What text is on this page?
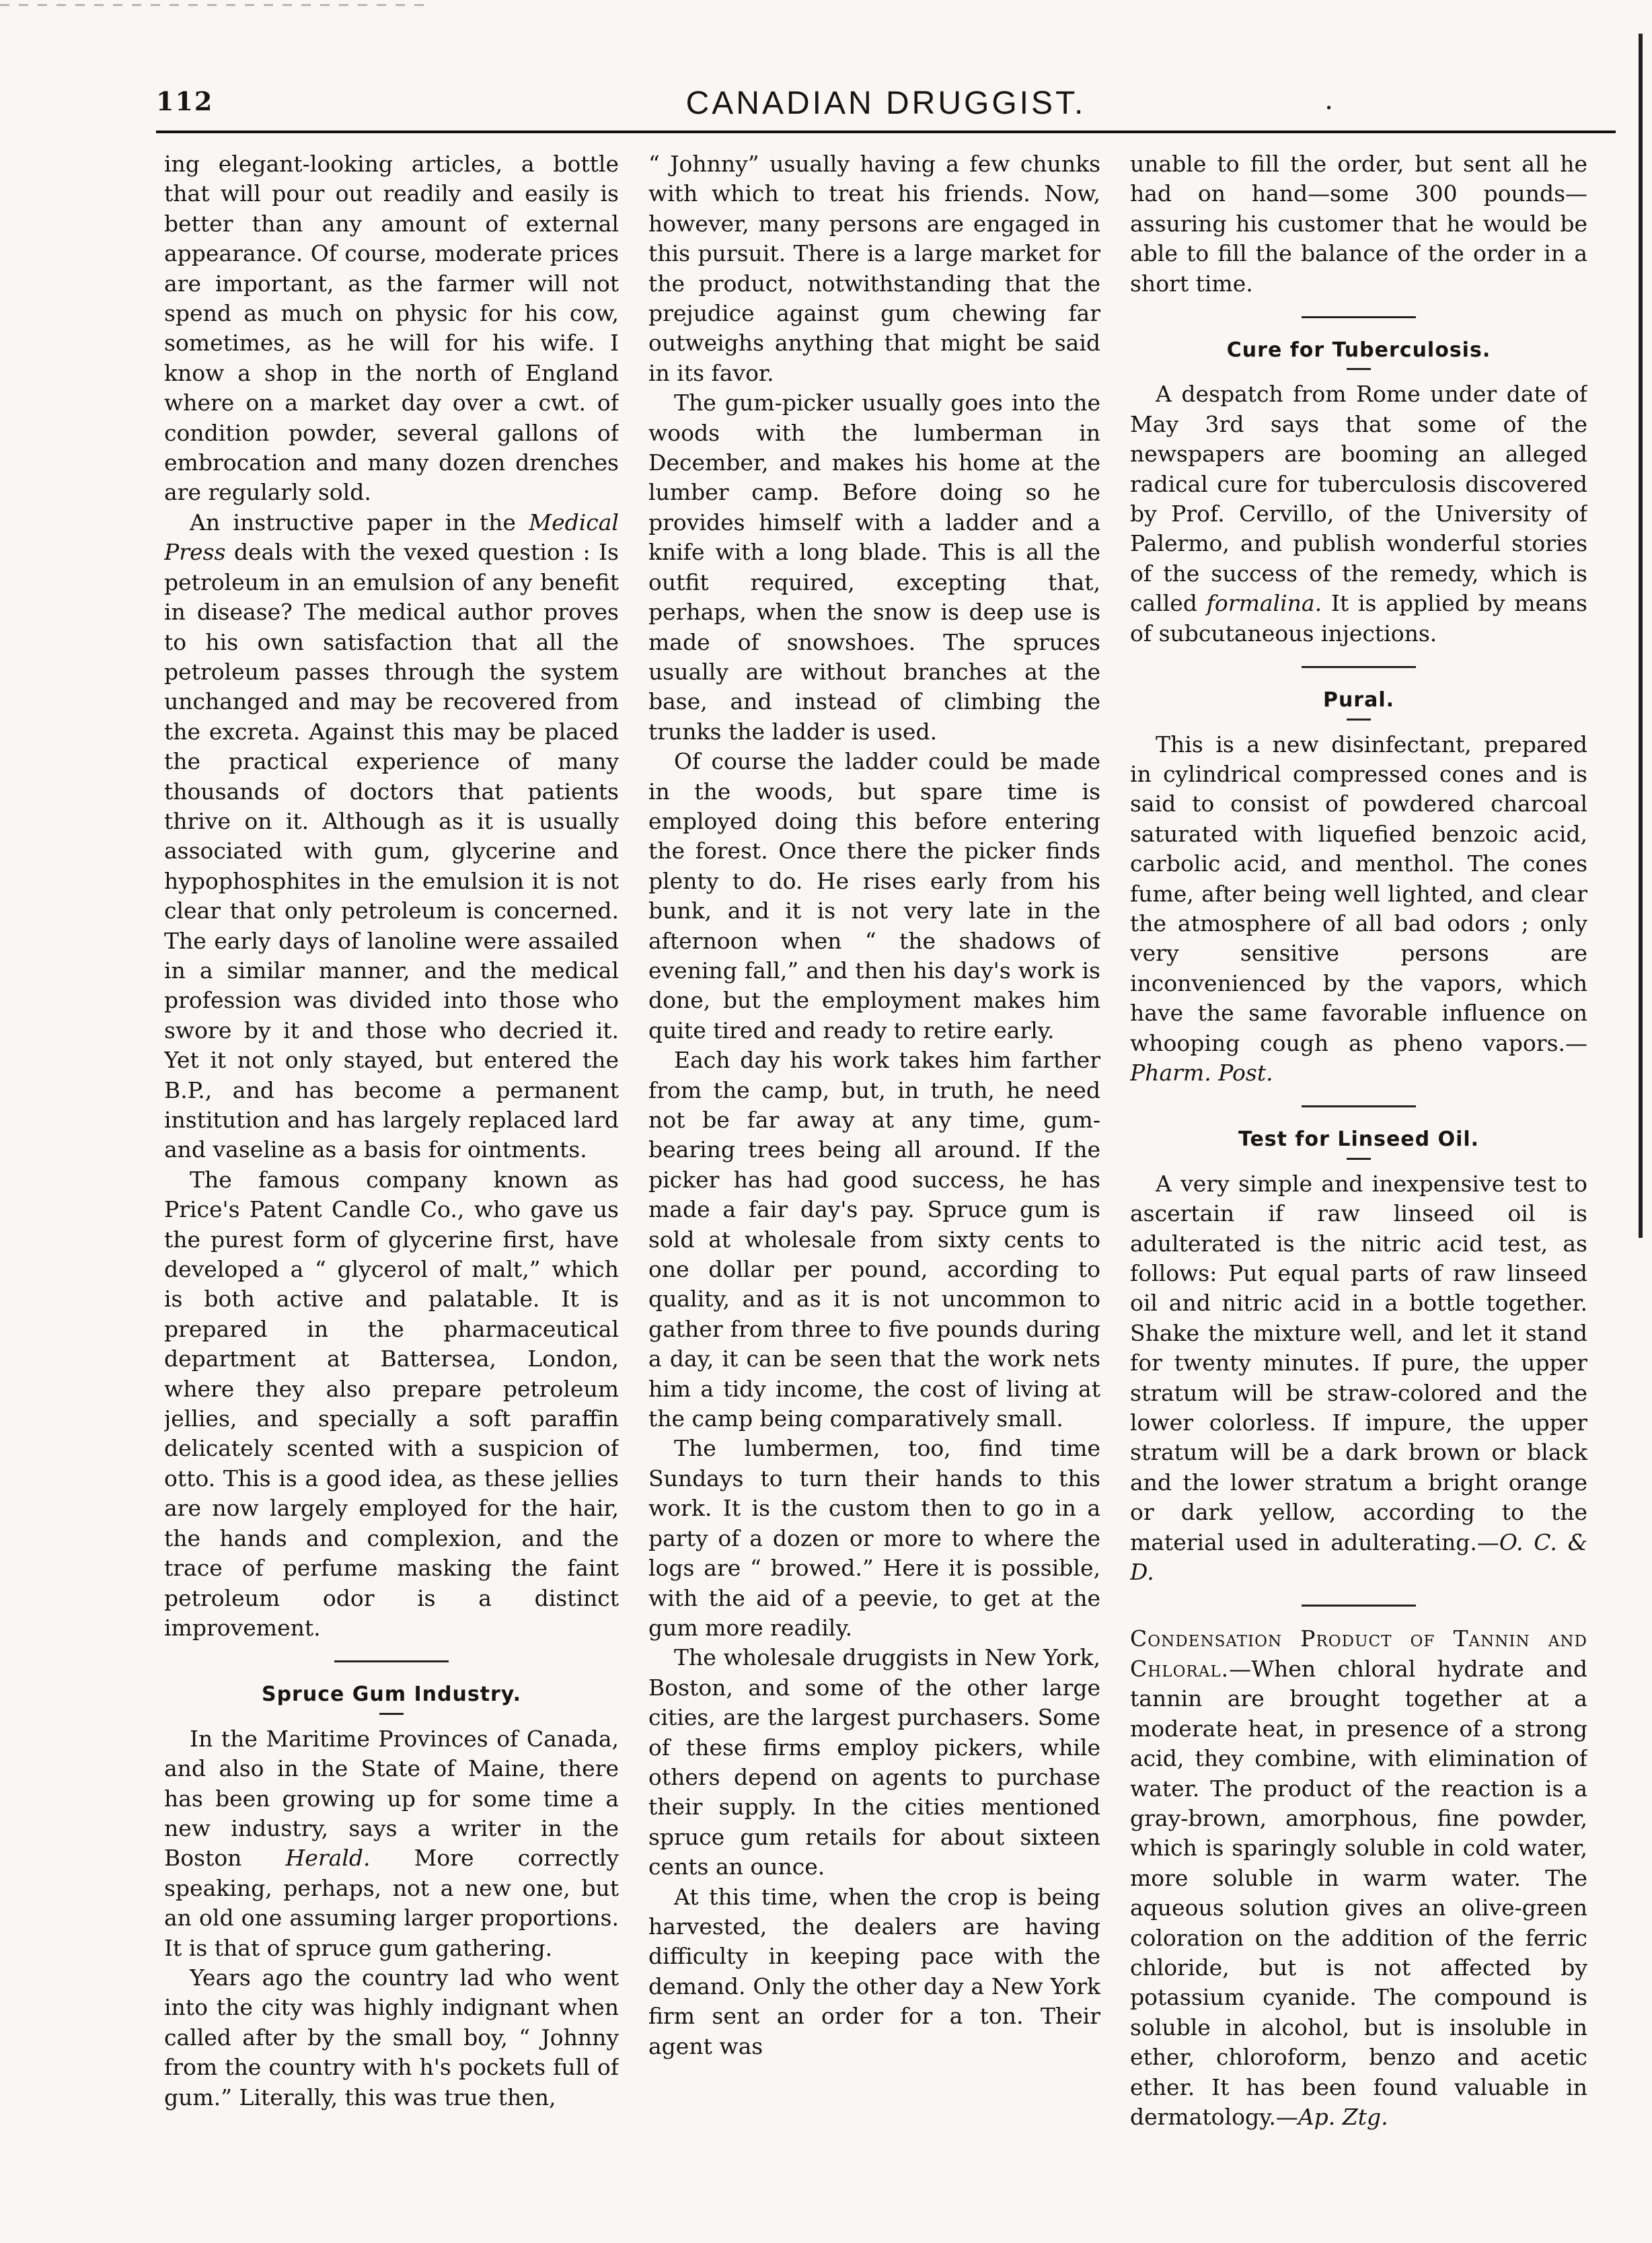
112	CANADIAN DRUGGIST.	.

ing elegant-looking articles, a bottle that will pour out readily and easily is better than any amount of external appearance. Of course, moderate prices are important, as the farmer will not spend as much on physic for his cow, sometimes, as he will for his wife. I know a shop in the north of England where on a market day over a cwt. of condition powder, several gallons of embrocation and many dozen drenches are regularly sold.

An instructive paper in the Medical Press deals with the vexed question : Is petroleum in an emulsion of any benefit in disease? The medical author proves to his own satisfaction that all the petroleum passes through the system unchanged and may be recovered from the excreta. Against this may be placed the practical experience of many thousands of doctors that patients thrive on it. Although as it is usually associated with gum, glycerine and hypophosphites in the emulsion it is not clear that only petroleum is concerned. The early days of lanoline were assailed in a similar manner, and the medical profession was divided into those who swore by it and those who decried it. Yet it not only stayed, but entered the B.P., and has become a permanent institution and has largely replaced lard and vaseline as a basis for ointments.

The famous company known as Price's Patent Candle Co., who gave us the purest form of glycerine first, have developed a “ glycerol of malt,” which is both active and palatable. It is prepared in the pharmaceutical department at Battersea, London, where they also prepare petroleum jellies, and specially a soft paraffin delicately scented with a suspicion of otto. This is a good idea, as these jellies are now largely employed for the hair, the hands and complexion, and the trace of perfume masking the faint petroleum odor is a distinct improvement.

Spruce Gum Industry.

In the Maritime Provinces of Canada, and also in the State of Maine, there has been growing up for some time a new industry, says a writer in the Boston Herald. More correctly speaking, perhaps, not a new one, but an old one assuming larger proportions. It is that of spruce gum gathering.

Years ago the country lad who went into the city was highly indignant when called after by the small boy, “ Johnny from the country with h's pockets full of gum.” Literally, this was true then,

“ Johnny” usually having a few chunks with which to treat his friends. Now, however, many persons are engaged in this pursuit. There is a large market for the product, notwithstanding that the prejudice against gum chewing far outweighs anything that might be said in its favor.

The gum-picker usually goes into the woods with the lumberman in December, and makes his home at the lumber camp. Before doing so he provides himself with a ladder and a knife with a long blade. This is all the outfit required, excepting that, perhaps, when the snow is deep use is made of snowshoes. The spruces usually are without branches at the base, and instead of climbing the trunks the ladder is used.

Of course the ladder could be made in the woods, but spare time is employed doing this before entering the forest. Once there the picker finds plenty to do. He rises early from his bunk, and it is not very late in the afternoon when “ the shadows of evening fall,” and then his day's work is done, but the employment makes him quite tired and ready to retire early.

Each day his work takes him farther from the camp, but, in truth, he need not be far away at any time, gum-bearing trees being all around. If the picker has had good success, he has made a fair day's pay. Spruce gum is sold at wholesale from sixty cents to one dollar per pound, according to quality, and as it is not uncommon to gather from three to five pounds during a day, it can be seen that the work nets him a tidy income, the cost of living at the camp being comparatively small.

The lumbermen, too, find time Sundays to turn their hands to this work. It is the custom then to go in a party of a dozen or more to where the logs are “ browed.” Here it is possible, with the aid of a peevie, to get at the gum more readily.

The wholesale druggists in New York, Boston, and some of the other large cities, are the largest purchasers. Some of these firms employ pickers, while others depend on agents to purchase their supply. In the cities mentioned spruce gum retails for about sixteen cents an ounce.

At this time, when the crop is being harvested, the dealers are having difficulty in keeping pace with the demand. Only the other day a New York firm sent an order for a ton. Their agent was

unable to fill the order, but sent all he had on hand—some 300 pounds—assuring his customer that he would be able to fill the balance of the order in a short time.

Cure for Tuberculosis.

A despatch from Rome under date of May 3rd says that some of the newspapers are booming an alleged radical cure for tuberculosis discovered by Prof. Cervillo, of the University of Palermo, and publish wonderful stories of the success of the remedy, which is called formalina. It is applied by means of subcutaneous injections.

Pural.

This is a new disinfectant, prepared in cylindrical compressed cones and is said to consist of powdered charcoal saturated with liquefied benzoic acid, carbolic acid, and menthol. The cones fume, after being well lighted, and clear the atmosphere of all bad odors ; only very sensitive persons are inconvenienced by the vapors, which have the same favorable influence on whooping cough as pheno vapors.—Pharm. Post.

Test for Linseed Oil.

A very simple and inexpensive test to ascertain if raw linseed oil is adulterated is the nitric acid test, as follows: Put equal parts of raw linseed oil and nitric acid in a bottle together. Shake the mixture well, and let it stand for twenty minutes. If pure, the upper stratum will be straw-colored and the lower colorless. If impure, the upper stratum will be a dark brown or black and the lower stratum a bright orange or dark yellow, according to the material used in adulterating.—O. C. & D.

Condensation Product of Tannin and Chloral.—When chloral hydrate and tannin are brought together at a moderate heat, in presence of a strong acid, they combine, with elimination of water. The product of the reaction is a gray-brown, amorphous, fine powder, which is sparingly soluble in cold water, more soluble in warm water. The aqueous solution gives an olive-green coloration on the addition of the ferric chloride, but is not affected by potassium cyanide. The compound is soluble in alcohol, but is insoluble in ether, chloroform, benzo and acetic ether. It has been found valuable in dermatology.—Ap. Ztg.
